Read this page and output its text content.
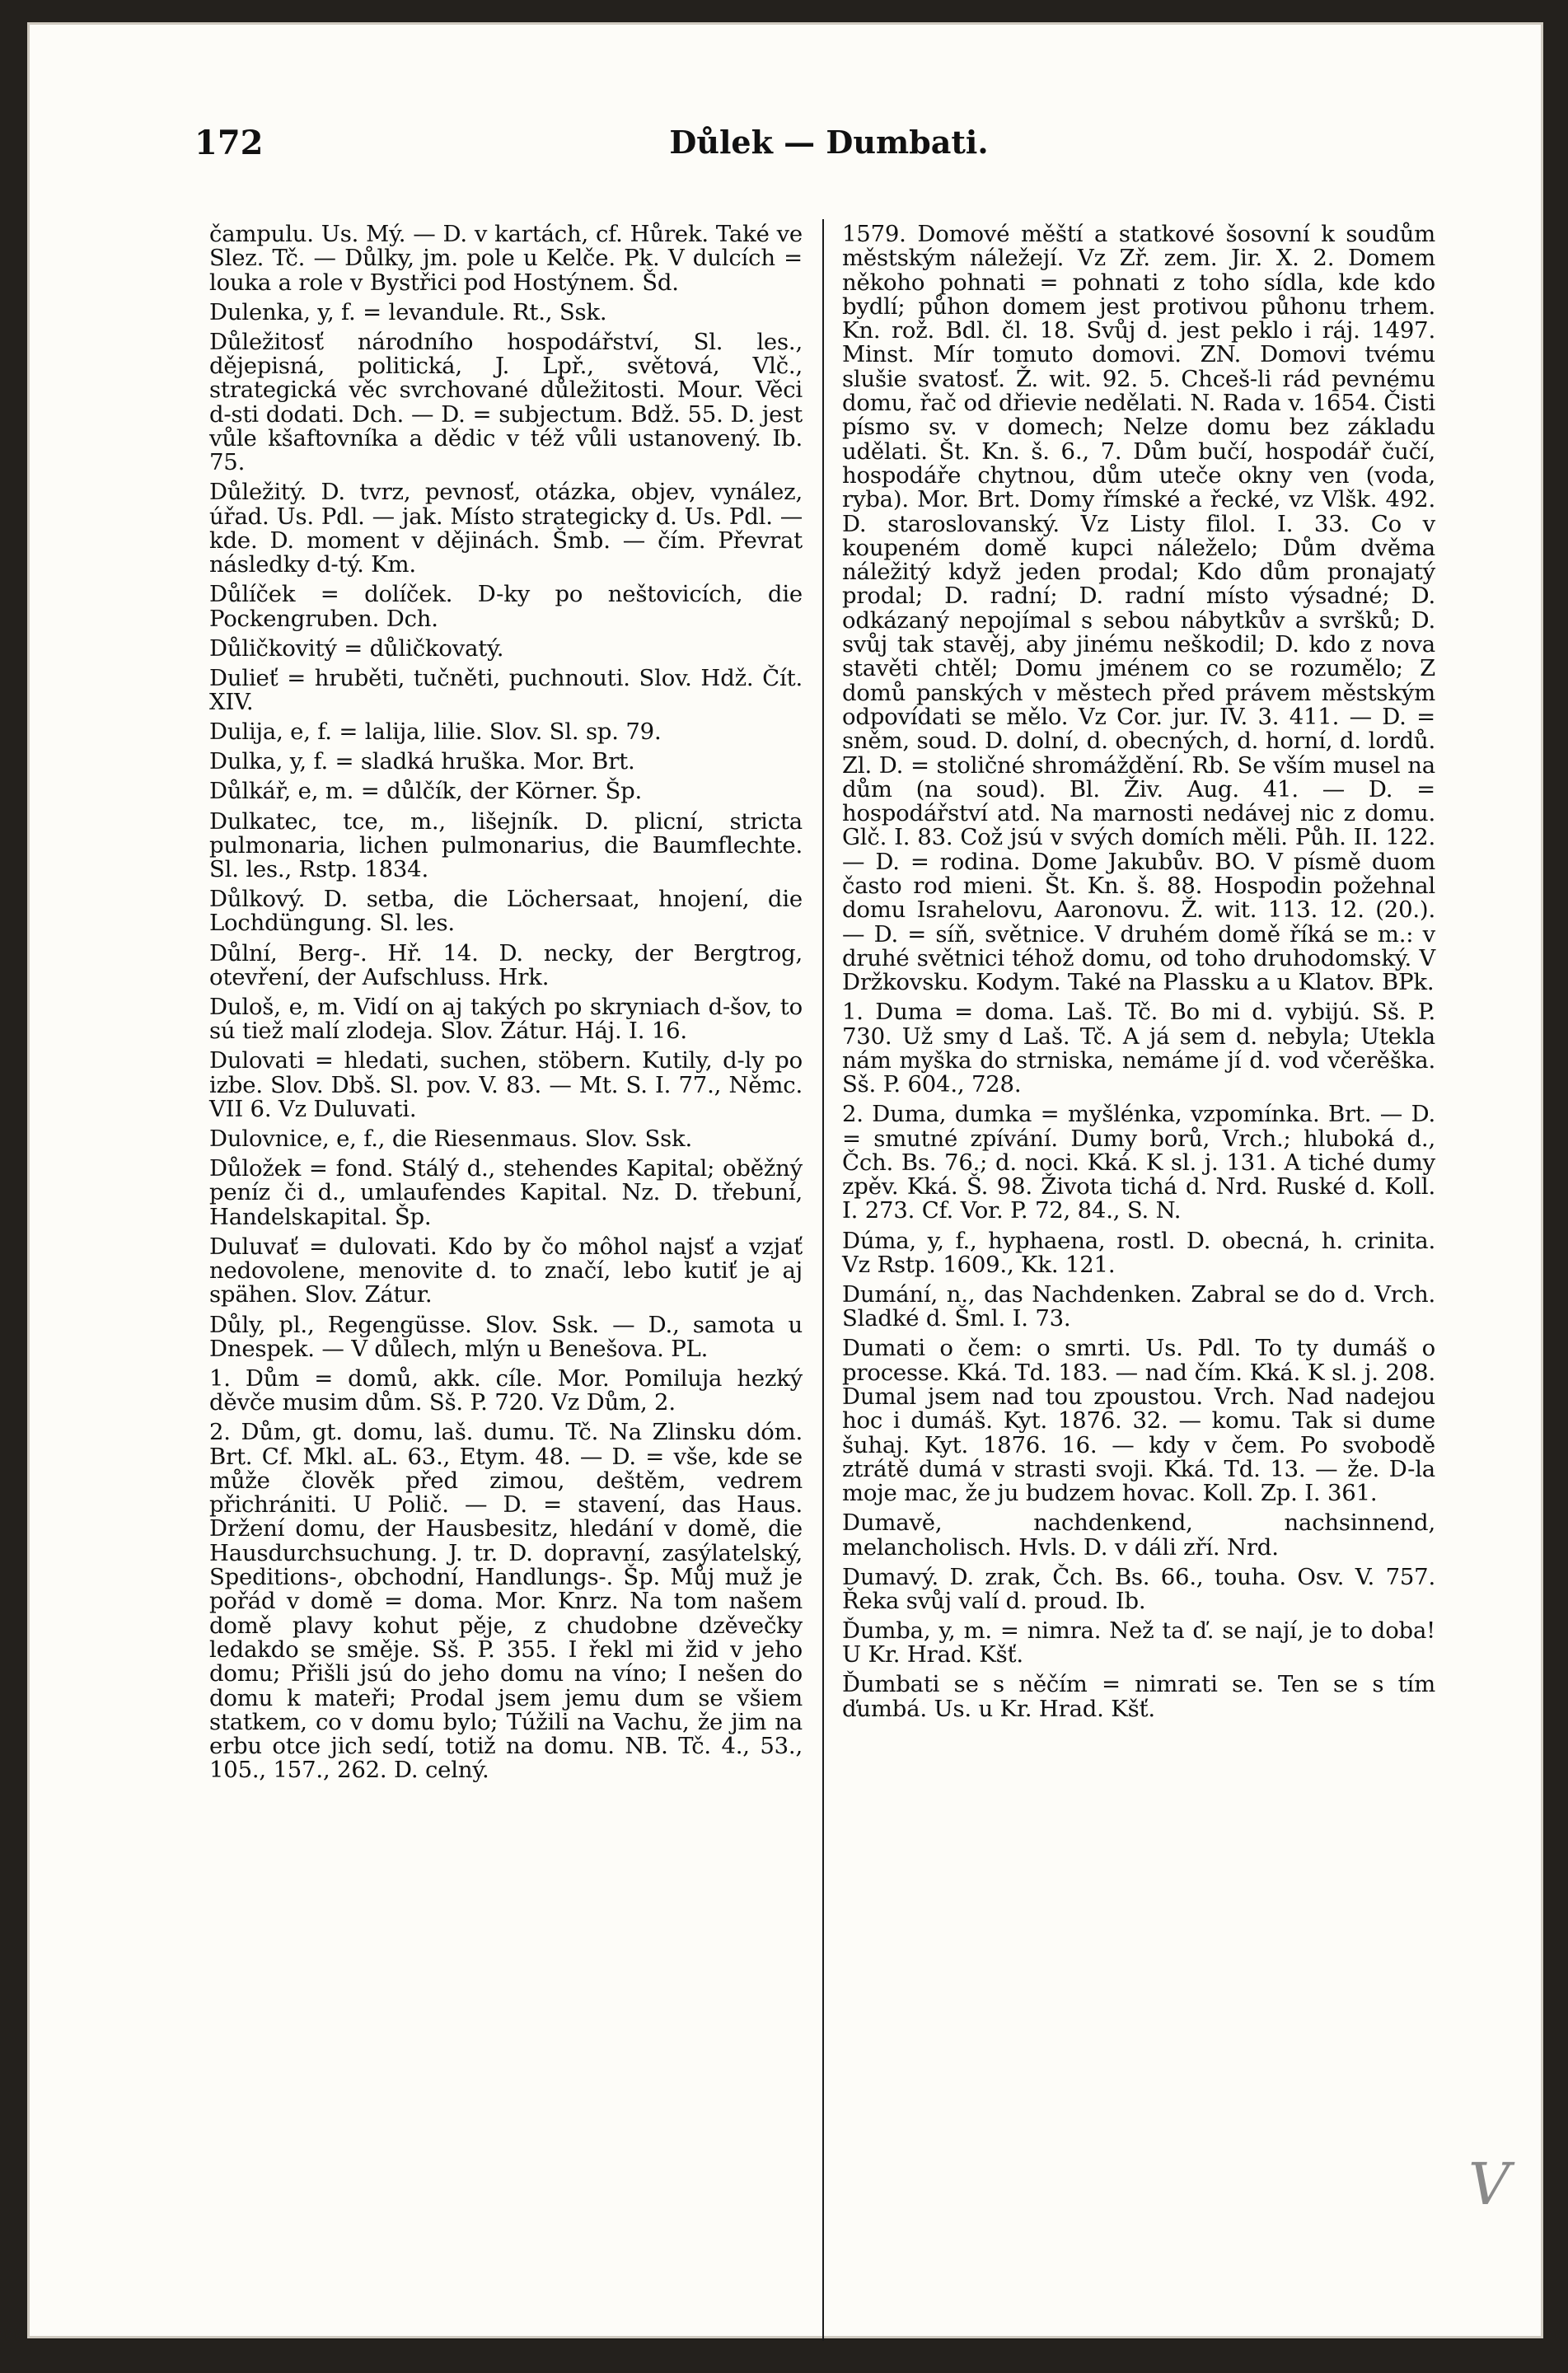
172	Důlek — Dumbati.

čampulu. Us. Mý. — D. v kartách, cf. Hůrek. Také ve Slez. Tč. — Důlky, jm. pole u Kelče. Pk. V dulcích = louka a role v Bystřici pod Hostýnem. Šd.

Dulenka, y, f. = levandule. Rt., Ssk.

Důležitosť národního hospodářství, Sl. les., dějepisná, politická, J. Lpř., světová, Vlč., strategická věc svrchované důležitosti. Mour. Věci d-sti dodati. Dch. — D. = subjectum. Bdž. 55. D. jest vůle kšaftovníka a dědic v též vůli ustanovený. Ib. 75.

Důležitý. D. tvrz, pevnosť, otázka, objev, vynález, úřad. Us. Pdl. — jak. Místo strategicky d. Us. Pdl. — kde. D. moment v dějinách. Šmb. — čím. Převrat následky d-tý. Km.

Důlíček = dolíček. D-ky po neštovicích, die Pockengruben. Dch.

Důličkovitý = důličkovatý.

Dulieť = hruběti, tučněti, puchnouti. Slov. Hdž. Čít. XIV.

Dulija, e, f. = lalija, lilie. Slov. Sl. sp. 79.

Dulka, y, f. = sladká hruška. Mor. Brt.

Důlkář, e, m. = důlčík, der Körner. Šp.

Dulkatec, tce, m., lišejník. D. plicní, stricta pulmonaria, lichen pulmonarius, die Baumflechte. Sl. les., Rstp. 1834.

Důlkový. D. setba, die Löchersaat, hnojení, die Lochdüngung. Sl. les.

Důlní, Berg-. Hř. 14. D. necky, der Bergtrog, otevření, der Aufschluss. Hrk.

Duloš, e, m. Vidí on aj takých po skryniach d-šov, to sú tiež malí zlodeja. Slov. Zátur. Háj. I. 16.

Dulovati = hledati, suchen, stöbern. Kutily, d-ly po izbe. Slov. Dbš. Sl. pov. V. 83. — Mt. S. I. 77., Němc. VII 6. Vz Duluvati.

Dulovnice, e, f., die Riesenmaus. Slov. Ssk.

Důložek = fond. Stálý d., stehendes Kapital; oběžný peníz či d., umlaufendes Kapital. Nz. D. třebuní, Handelskapital. Šp.

Duluvať = dulovati. Kdo by čo môhol najsť a vzjať nedovolene, menovite d. to značí, lebo kutiť je aj spähen. Slov. Zátur.

Důly, pl., Regengüsse. Slov. Ssk. — D., samota u Dnespek. — V důlech, mlýn u Benešova. PL.

1. Dům = domů, akk. cíle. Mor. Pomiluja hezký děvče musim dům. Sš. P. 720. Vz Dům, 2.

2. Dům, gt. domu, laš. dumu. Tč. Na Zlinsku dóm. Brt. Cf. Mkl. aL. 63., Etym. 48. — D. = vše, kde se může člověk před zimou, deštěm, vedrem přichrániti. U Polič. — D. = stavení, das Haus. Držení domu, der Hausbesitz, hledání v domě, die Hausdurchsuchung. J. tr. D. dopravní, zasýlatelský, Speditions-, obchodní, Handlungs-. Šp. Můj muž je pořád v domě = doma. Mor. Knrz. Na tom našem domě plavy kohut pěje, z chudobne dzěvečky ledakdo se směje. Sš. P. 355. I řekl mi žid v jeho domu; Přišli jsú do jeho domu na víno; I nešen do domu k mateři; Prodal jsem jemu dum se všiem statkem, co v domu bylo; Túžili na Vachu, že jim na erbu otce jich sedí, totiž na domu. NB. Tč. 4., 53., 105., 157., 262. D. celný.

1579. Domové měští a statkové šosovní k soudům městským náležejí. Vz Zř. zem. Jir. X. 2. Domem někoho pohnati = pohnati z toho sídla, kde kdo bydlí; půhon domem jest protivou půhonu trhem. Kn. rož. Bdl. čl. 18. Svůj d. jest peklo i ráj. 1497. Minst. Mír tomuto domovi. ZN. Domovi tvému slušie svatosť. Ž. wit. 92. 5. Chceš-li rád pevnému domu, řač od dřievie nedělati. N. Rada v. 1654. Čisti písmo sv. v domech; Nelze domu bez základu udělati. Št. Kn. š. 6., 7. Dům bučí, hospodář čučí, hospodáře chytnou, dům uteče okny ven (voda, ryba). Mor. Brt. Domy římské a řecké, vz Vlšk. 492. D. staroslovanský. Vz Listy filol. I. 33. Co v koupeném domě kupci náleželo; Dům dvěma náležitý když jeden prodal; Kdo dům pronajatý prodal; D. radní; D. radní místo výsadné; D. odkázaný nepojímal s sebou nábytkův a svršků; D. svůj tak stavěj, aby jinému neškodil; D. kdo z nova stavěti chtěl; Domu jménem co se rozumělo; Z domů panských v městech před právem městským odpovídati se mělo. Vz Cor. jur. IV. 3. 411. — D. = sněm, soud. D. dolní, d. obecných, d. horní, d. lordů. Zl. D. = stoličné shromáždění. Rb. Se vším musel na dům (na soud). Bl. Živ. Aug. 41. — D. = hospodářství atd. Na marnosti nedávej nic z domu. Glč. I. 83. Což jsú v svých domích měli. Půh. II. 122. — D. = rodina. Dome Jakubův. BO. V písmě duom často rod mieni. Št. Kn. š. 88. Hospodin požehnal domu Israhelovu, Aaronovu. Ž. wit. 113. 12. (20.). — D. = síň, světnice. V druhém domě říká se m.: v druhé světnici téhož domu, od toho druhodomský. V Držkovsku. Kodym. Také na Plassku a u Klatov. BPk.

1. Duma = doma. Laš. Tč. Bo mi d. vybijú. Sš. P. 730. Už smy d Laš. Tč. A já sem d. nebyla; Utekla nám myška do strniska, nemáme jí d. vod včerěška. Sš. P. 604., 728.

2. Duma, dumka = myšlénka, vzpomínka. Brt. — D. = smutné zpívání. Dumy borů, Vrch.; hluboká d., Čch. Bs. 76.; d. noci. Kká. K sl. j. 131. A tiché dumy zpěv. Kká. Š. 98. Života tichá d. Nrd. Ruské d. Koll. I. 273. Cf. Vor. P. 72, 84., S. N.

Dúma, y, f., hyphaena, rostl. D. obecná, h. crinita. Vz Rstp. 1609., Kk. 121.

Dumání, n., das Nachdenken. Zabral se do d. Vrch. Sladké d. Šml. I. 73.

Dumati o čem: o smrti. Us. Pdl. To ty dumáš o processe. Kká. Td. 183. — nad čím. Kká. K sl. j. 208. Dumal jsem nad tou zpoustou. Vrch. Nad nadejou hoc i dumáš. Kyt. 1876. 32. — komu. Tak si dume šuhaj. Kyt. 1876. 16. — kdy v čem. Po svobodě ztrátě dumá v strasti svoji. Kká. Td. 13. — že. D-la moje mac, že ju budzem hovac. Koll. Zp. I. 361.

Dumavě, nachdenkend, nachsinnend, melancholisch. Hvls. D. v dáli zří. Nrd.

Dumavý. D. zrak, Čch. Bs. 66., touha. Osv. V. 757. Řeka svůj valí d. proud. Ib.

Ďumba, y, m. = nimra. Než ta ď. se nají, je to doba! U Kr. Hrad. Kšť.

Ďumbati se s něčím = nimrati se. Ten se s tím ďumbá. Us. u Kr. Hrad. Kšť.

V
